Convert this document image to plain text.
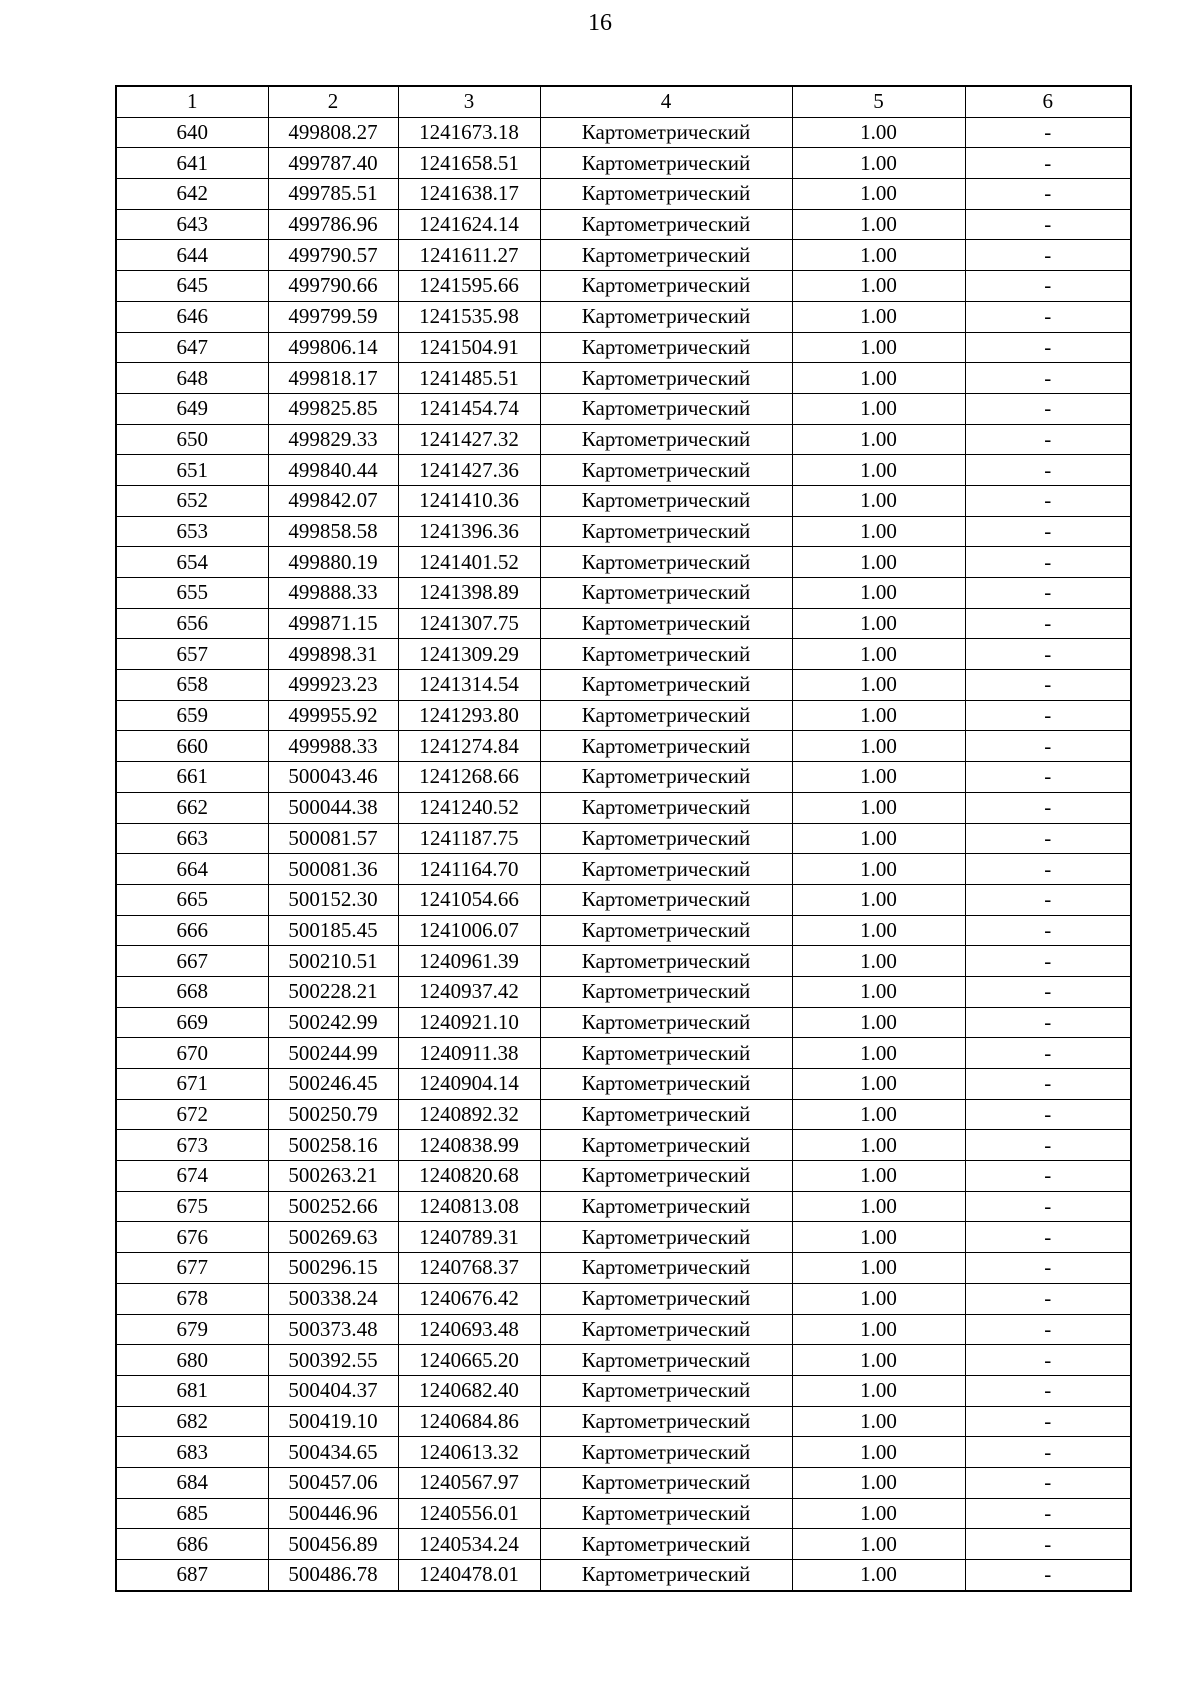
16
1	2	3	4	5	6
640	499808.27	1241673.18	Картометрический	1.00	-
641	499787.40	1241658.51	Картометрический	1.00	-
642	499785.51	1241638.17	Картометрический	1.00	-
643	499786.96	1241624.14	Картометрический	1.00	-
644	499790.57	1241611.27	Картометрический	1.00	-
645	499790.66	1241595.66	Картометрический	1.00	-
646	499799.59	1241535.98	Картометрический	1.00	-
647	499806.14	1241504.91	Картометрический	1.00	-
648	499818.17	1241485.51	Картометрический	1.00	-
649	499825.85	1241454.74	Картометрический	1.00	-
650	499829.33	1241427.32	Картометрический	1.00	-
651	499840.44	1241427.36	Картометрический	1.00	-
652	499842.07	1241410.36	Картометрический	1.00	-
653	499858.58	1241396.36	Картометрический	1.00	-
654	499880.19	1241401.52	Картометрический	1.00	-
655	499888.33	1241398.89	Картометрический	1.00	-
656	499871.15	1241307.75	Картометрический	1.00	-
657	499898.31	1241309.29	Картометрический	1.00	-
658	499923.23	1241314.54	Картометрический	1.00	-
659	499955.92	1241293.80	Картометрический	1.00	-
660	499988.33	1241274.84	Картометрический	1.00	-
661	500043.46	1241268.66	Картометрический	1.00	-
662	500044.38	1241240.52	Картометрический	1.00	-
663	500081.57	1241187.75	Картометрический	1.00	-
664	500081.36	1241164.70	Картометрический	1.00	-
665	500152.30	1241054.66	Картометрический	1.00	-
666	500185.45	1241006.07	Картометрический	1.00	-
667	500210.51	1240961.39	Картометрический	1.00	-
668	500228.21	1240937.42	Картометрический	1.00	-
669	500242.99	1240921.10	Картометрический	1.00	-
670	500244.99	1240911.38	Картометрический	1.00	-
671	500246.45	1240904.14	Картометрический	1.00	-
672	500250.79	1240892.32	Картометрический	1.00	-
673	500258.16	1240838.99	Картометрический	1.00	-
674	500263.21	1240820.68	Картометрический	1.00	-
675	500252.66	1240813.08	Картометрический	1.00	-
676	500269.63	1240789.31	Картометрический	1.00	-
677	500296.15	1240768.37	Картометрический	1.00	-
678	500338.24	1240676.42	Картометрический	1.00	-
679	500373.48	1240693.48	Картометрический	1.00	-
680	500392.55	1240665.20	Картометрический	1.00	-
681	500404.37	1240682.40	Картометрический	1.00	-
682	500419.10	1240684.86	Картометрический	1.00	-
683	500434.65	1240613.32	Картометрический	1.00	-
684	500457.06	1240567.97	Картометрический	1.00	-
685	500446.96	1240556.01	Картометрический	1.00	-
686	500456.89	1240534.24	Картометрический	1.00	-
687	500486.78	1240478.01	Картометрический	1.00	-
